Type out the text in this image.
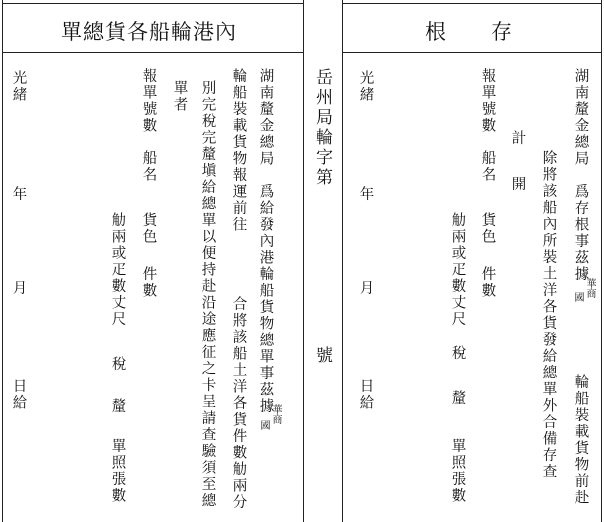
單總貨各船輪港內
湖南釐金總局　爲給發內港輪船貨物總單事茲據
華商
國
輪船裝載貨物報運前往
合將該船土洋各貨件數觔兩分
別完稅完釐塡給總單以便持赴沿途應征之卡呈請查驗須至總
單者
報單號數
船名
貨色
件數
觔兩或疋數丈尺
稅
釐
單照張數
光緒
年
月
日給
岳州局輪字第
號
根　　存
湖南釐金總局　爲存根事茲據
華商
國
輪船裝載貨物前赴
除將該船內所裝土洋各貨發給總單外合備存查
計
開
報單號數
船名
貨色
件數
觔兩或疋數丈尺
稅
釐
單照張數
光緒
年
月
日給
